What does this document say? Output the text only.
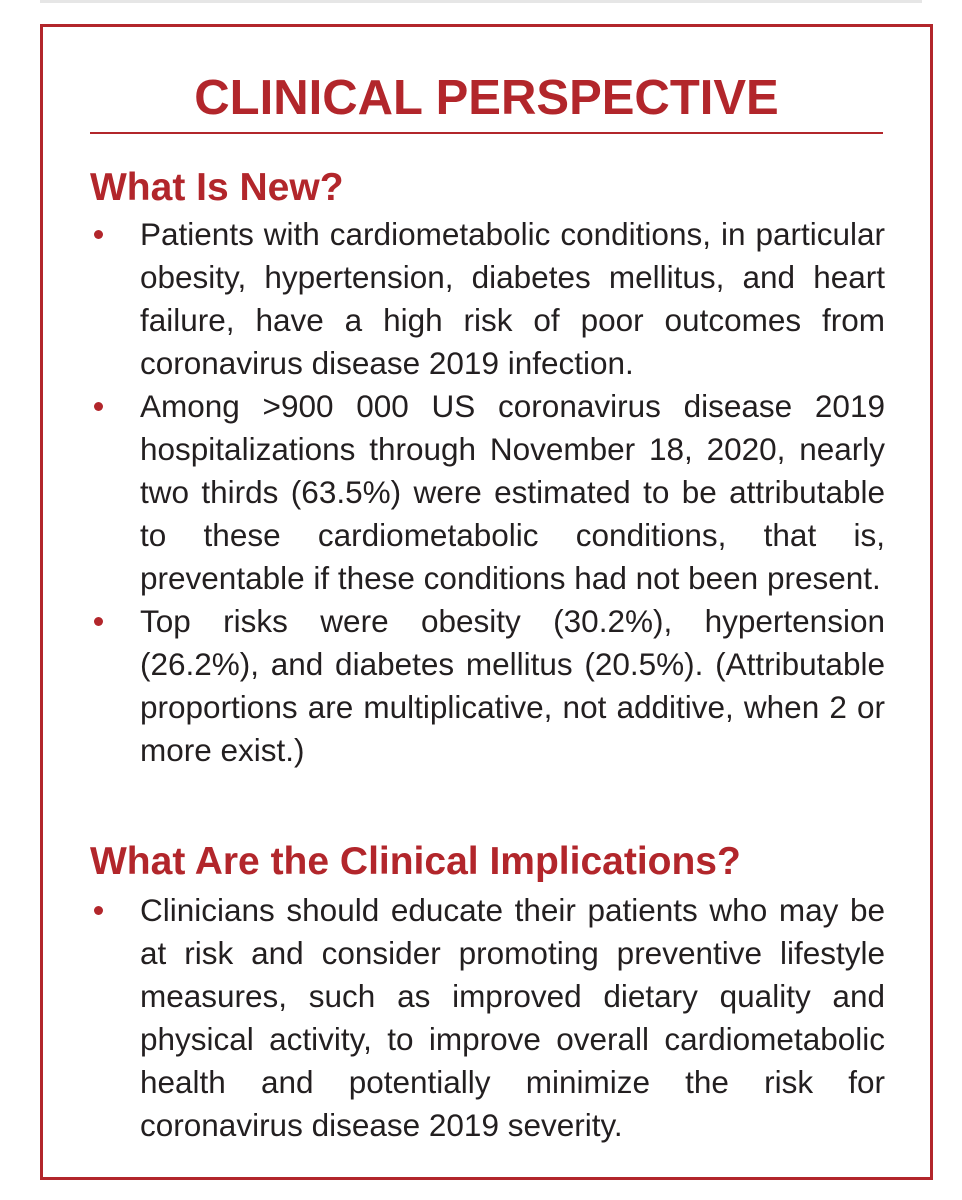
CLINICAL PERSPECTIVE
What Is New?
Patients with cardiometabolic conditions, in particular obesity, hypertension, diabetes mellitus, and heart failure, have a high risk of poor outcomes from coronavirus disease 2019 infection.
Among >900 000 US coronavirus disease 2019 hospitalizations through November 18, 2020, nearly two thirds (63.5%) were estimated to be attributable to these cardiometabolic conditions, that is, preventable if these conditions had not been present.
Top risks were obesity (30.2%), hypertension (26.2%), and diabetes mellitus (20.5%). (Attributable proportions are multiplicative, not additive, when 2 or more exist.)
What Are the Clinical Implications?
Clinicians should educate their patients who may be at risk and consider promoting preventive lifestyle measures, such as improved dietary quality and physical activity, to improve overall cardiometabolic health and potentially minimize the risk for coronavirus disease 2019 severity.
